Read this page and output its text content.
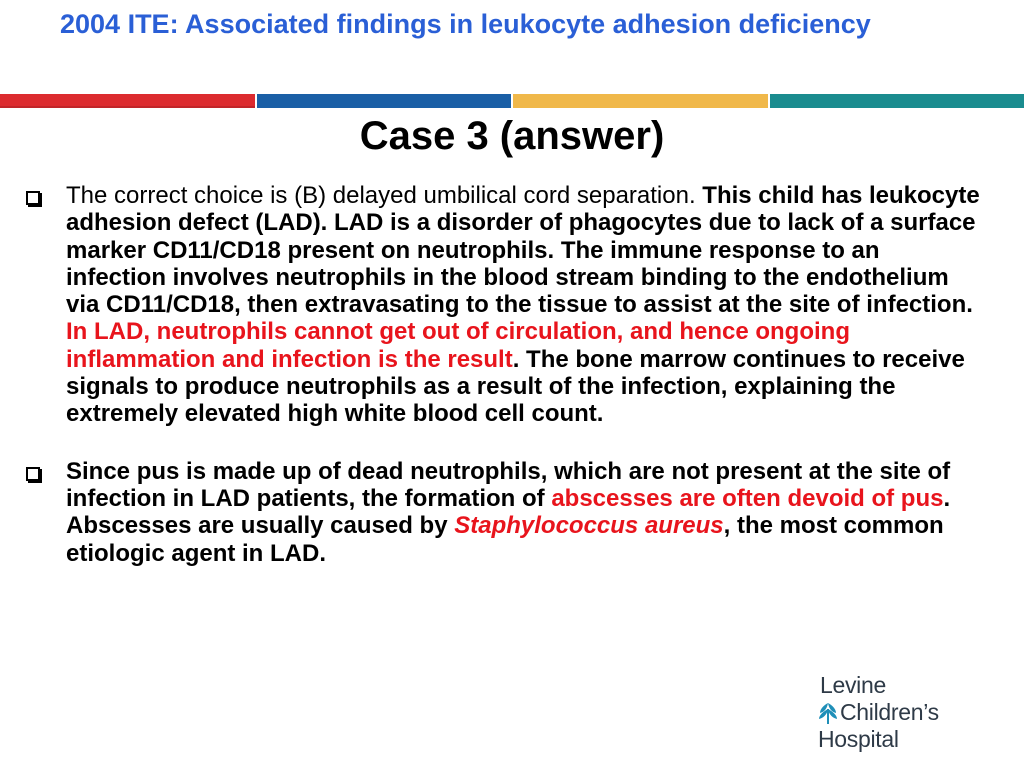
2004 ITE: Associated findings in leukocyte adhesion deficiency
Case 3 (answer)
The correct choice is (B) delayed umbilical cord separation. This child has leukocyte adhesion defect (LAD). LAD is a disorder of phagocytes due to lack of a surface marker CD11/CD18 present on neutrophils. The immune response to an infection involves neutrophils in the blood stream binding to the endothelium via CD11/CD18, then extravasating to the tissue to assist at the site of infection. In LAD, neutrophils cannot get out of circulation, and hence ongoing inflammation and infection is the result. The bone marrow continues to receive signals to produce neutrophils as a result of the infection, explaining the extremely elevated high white blood cell count.
Since pus is made up of dead neutrophils, which are not present at the site of infection in LAD patients, the formation of abscesses are often devoid of pus. Abscesses are usually caused by Staphylococcus aureus, the most common etiologic agent in LAD.
Levine
Children’s
Hospital
